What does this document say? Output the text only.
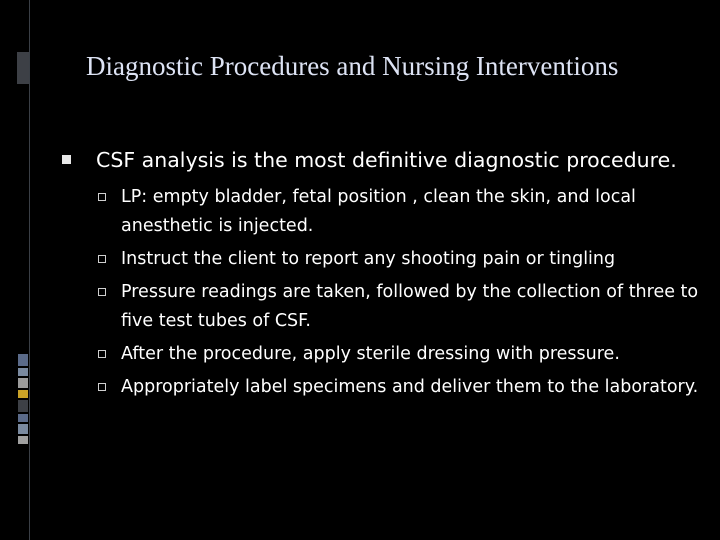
Diagnostic Procedures and Nursing Interventions
CSF analysis is the most definitive diagnostic procedure.
LP: empty bladder, fetal position , clean the skin, and local anesthetic is injected.
Instruct the client to report any shooting pain or tingling
Pressure readings are taken, followed by the collection of three to five test tubes of CSF.
After the procedure, apply sterile dressing with pressure.
Appropriately label specimens and deliver them to the laboratory.
